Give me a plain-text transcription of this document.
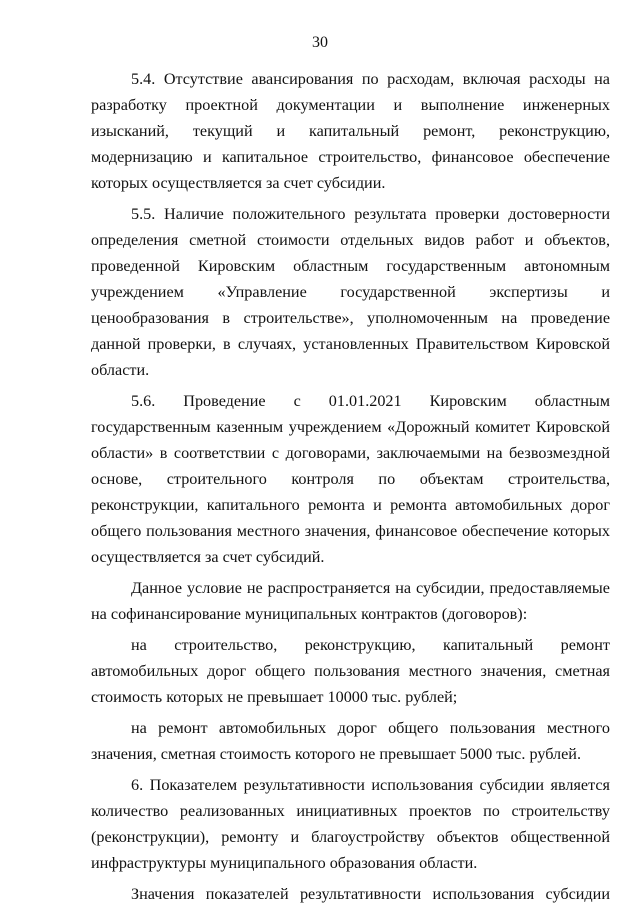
30

5.4. Отсутствие авансирования по расходам, включая расходы на разработку проектной документации и выполнение инженерных изысканий, текущий и капитальный ремонт, реконструкцию, модернизацию и капитальное строительство, финансовое обеспечение которых осуществляется за счет субсидии.

5.5. Наличие положительного результата проверки достоверности определения сметной стоимости отдельных видов работ и объектов, проведенной Кировским областным государственным автономным учреждением «Управление государственной экспертизы и ценообразования в строительстве», уполномоченным на проведение данной проверки, в случаях, установленных Правительством Кировской области.

5.6. Проведение с 01.01.2021 Кировским областным государственным казенным учреждением «Дорожный комитет Кировской области» в соответствии с договорами, заключаемыми на безвозмездной основе, строительного контроля по объектам строительства, реконструкции, капитального ремонта и ремонта автомобильных дорог общего пользования местного значения, финансовое обеспечение которых осуществляется за счет субсидий.

Данное условие не распространяется на субсидии, предоставляемые на софинансирование муниципальных контрактов (договоров):

на строительство, реконструкцию, капитальный ремонт автомобильных дорог общего пользования местного значения, сметная стоимость которых не превышает 10000 тыс. рублей;

на ремонт автомобильных дорог общего пользования местного значения, сметная стоимость которого не превышает 5000 тыс. рублей.

6. Показателем результативности использования субсидии является количество реализованных инициативных проектов по строительству (реконструкции), ремонту и благоустройству объектов общественной инфраструктуры муниципального образования области.

Значения показателей результативности использования субсидии
